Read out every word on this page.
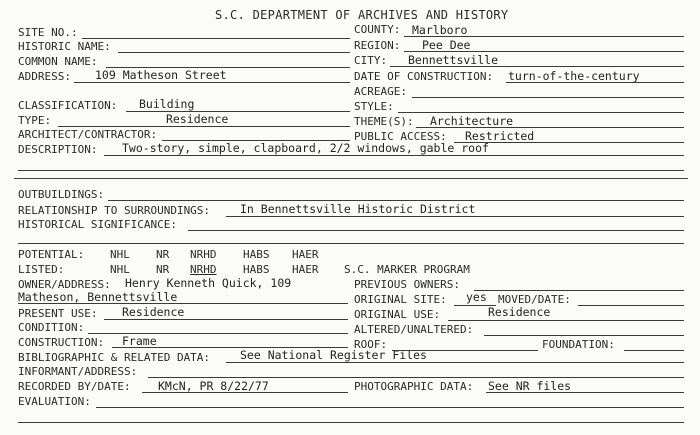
S.C. DEPARTMENT OF ARCHIVES AND HISTORY
SITE NO.:
HISTORIC NAME:
COMMON NAME:
ADDRESS: 109 Matheson Street
CLASSIFICATION: Building
TYPE:	Residence
ARCHITECT/CONTRACTOR:
DESCRIPTION: Two-story, simple, clapboard, 2/2 windows, gable roof
COUNTY: Marlboro
REGION: Pee Dee
CITY: Bennettsville
DATE OF CONSTRUCTION: turn-of-the-century
ACREAGE:
STYLE:
THEME(S): Architecture
PUBLIC ACCESS: Restricted
OUTBUILDINGS:
RELATIONSHIP TO SURROUNDINGS:	In Bennettsville Historic District
HISTORICAL SIGNIFICANCE:
POTENTIAL: NHL NR NRHD HABS HAER
LISTED:	NHL NR NRHD HABS HAER S.C. MARKER PROGRAM
OWNER/ADDRESS: Henry Kenneth Quick, 109
Matheson, Bennettsville
PRESENT USE: Residence
CONDITION:
CONSTRUCTION: Frame
BIBLIOGRAPHIC & RELATED DATA:	See National Register Files
INFORMANT/ADDRESS:
RECORDED BY/DATE: KMcN, PR 8/22/77
EVALUATION:
PREVIOUS OWNERS:
ORIGINAL SITE: yes MOVED/DATE:
ORIGINAL USE:	Residence
ALTERED/UNALTERED:
ROOF:	FOUNDATION:
PHOTOGRAPHIC DATA: See NR files
